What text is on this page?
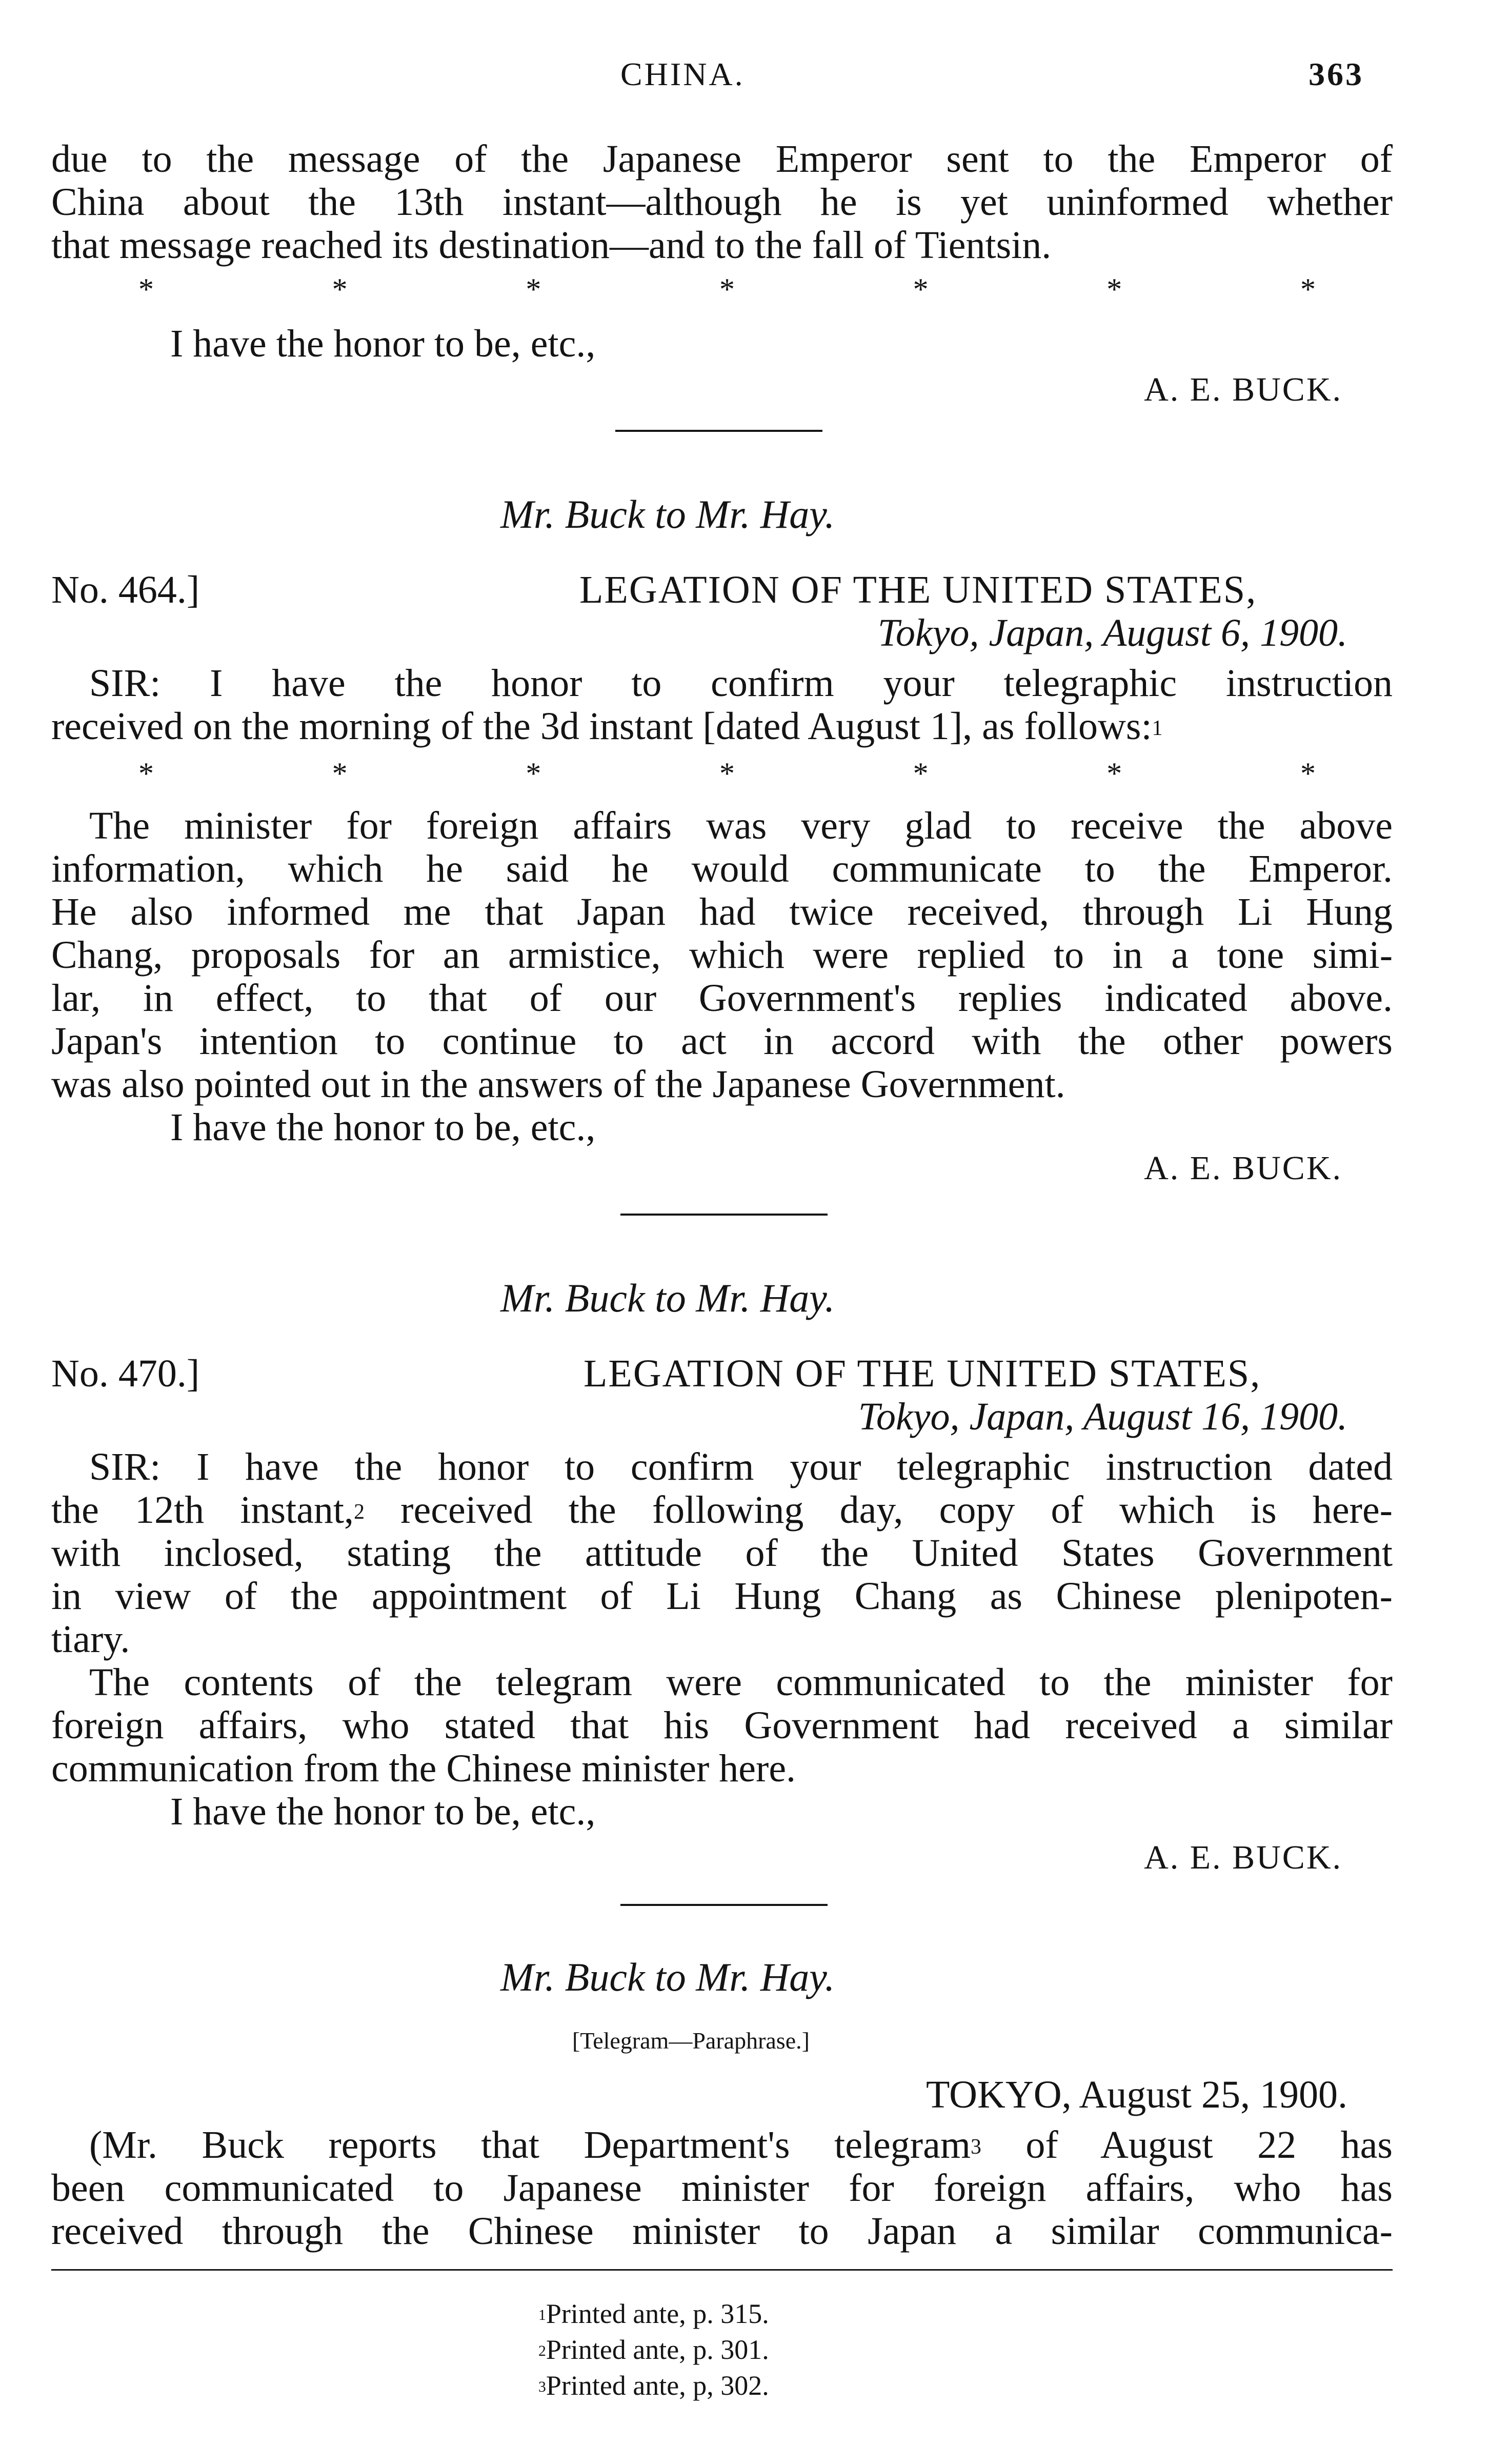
CHINA.	363
due to the message of the Japanese Emperor sent to the Emperor of
China about the 13th instant—although he is yet uninformed whether
that message reached its destination—and to the fall of Tientsin.
*	*	*	*	*	*	*
I have the honor to be, etc.,
A. E. BUCK.
Mr. Buck to Mr. Hay.
No. 464.]	LEGATION OF THE UNITED STATES,
Tokyo, Japan, August 6, 1900.
SIR: I have the honor to confirm your telegraphic instruction
received on the morning of the 3d instant [dated August 1], as follows:$^1$
*	*	*	*	*	*	*
The minister for foreign affairs was very glad to receive the above
information, which he said he would communicate to the Emperor.
He also informed me that Japan had twice received, through Li Hung
Chang, proposals for an armistice, which were replied to in a tone simi-
lar, in effect, to that of our Government's replies indicated above.
Japan's intention to continue to act in accord with the other powers
was also pointed out in the answers of the Japanese Government.
I have the honor to be, etc.,
A. E. BUCK.
Mr. Buck to Mr. Hay.
No. 470.]	LEGATION OF THE UNITED STATES,
Tokyo, Japan, August 16, 1900.
SIR: I have the honor to confirm your telegraphic instruction dated
the 12th instant,$^2$ received the following day, copy of which is here-
with inclosed, stating the attitude of the United States Government
in view of the appointment of Li Hung Chang as Chinese plenipoten-
tiary.
The contents of the telegram were communicated to the minister for
foreign affairs, who stated that his Government had received a similar
communication from the Chinese minister here.
I have the honor to be, etc.,
A. E. BUCK.
Mr. Buck to Mr. Hay.
[Telegram—Paraphrase.]
TOKYO, August 25, 1900.
(Mr. Buck reports that Department's telegram$^3$ of August 22 has
been communicated to Japanese minister for foreign affairs, who has
received through the Chinese minister to Japan a similar communica-
$^1$Printed ante, p. 315.
$^2$Printed ante, p. 301.
$^3$Printed ante, p, 302.
